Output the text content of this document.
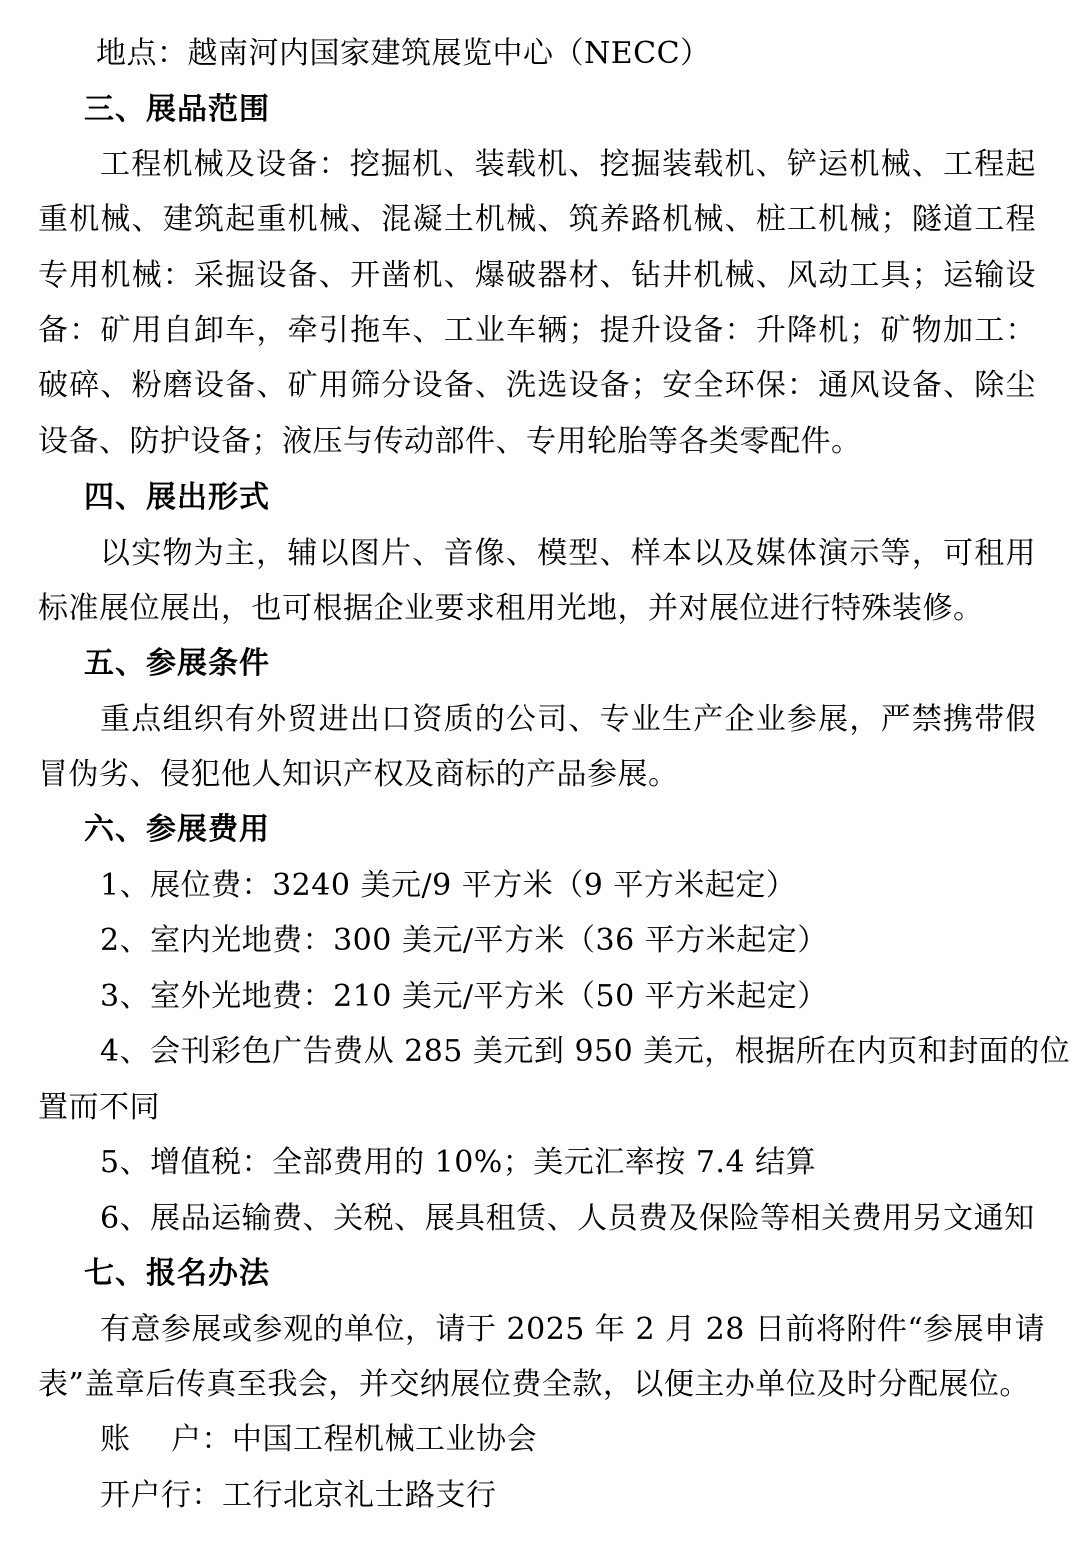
地点：越南河内国家建筑展览中心（NECC）
三、展品范围
工程机械及设备：挖掘机、装载机、挖掘装载机、铲运机械、工程起
重机械、建筑起重机械、混凝土机械、筑养路机械、桩工机械；隧道工程
专用机械：采掘设备、开凿机、爆破器材、钻井机械、风动工具；运输设
备：矿用自卸车，牵引拖车、工业车辆；提升设备：升降机；矿物加工：
破碎、粉磨设备、矿用筛分设备、洗选设备；安全环保：通风设备、除尘
设备、防护设备；液压与传动部件、专用轮胎等各类零配件。
四、展出形式
以实物为主，辅以图片、音像、模型、样本以及媒体演示等，可租用
标准展位展出，也可根据企业要求租用光地，并对展位进行特殊装修。
五、参展条件
重点组织有外贸进出口资质的公司、专业生产企业参展，严禁携带假
冒伪劣、侵犯他人知识产权及商标的产品参展。
六、参展费用
1、展位费：3240 美元/9 平方米（9 平方米起定）
2、室内光地费：300 美元/平方米（36 平方米起定）
3、室外光地费：210 美元/平方米（50 平方米起定）
4、会刊彩色广告费从 285 美元到 950 美元，根据所在内页和封面的位
置而不同
5、增值税：全部费用的 10%；美元汇率按 7.4 结算
6、展品运输费、关税、展具租赁、人员费及保险等相关费用另文通知
七、报名办法
有意参展或参观的单位，请于 2025 年 2 月 28 日前将附件“参展申请
表”盖章后传真至我会，并交纳展位费全款，以便主办单位及时分配展位。
账　 户：中国工程机械工业协会
开户行：工行北京礼士路支行
